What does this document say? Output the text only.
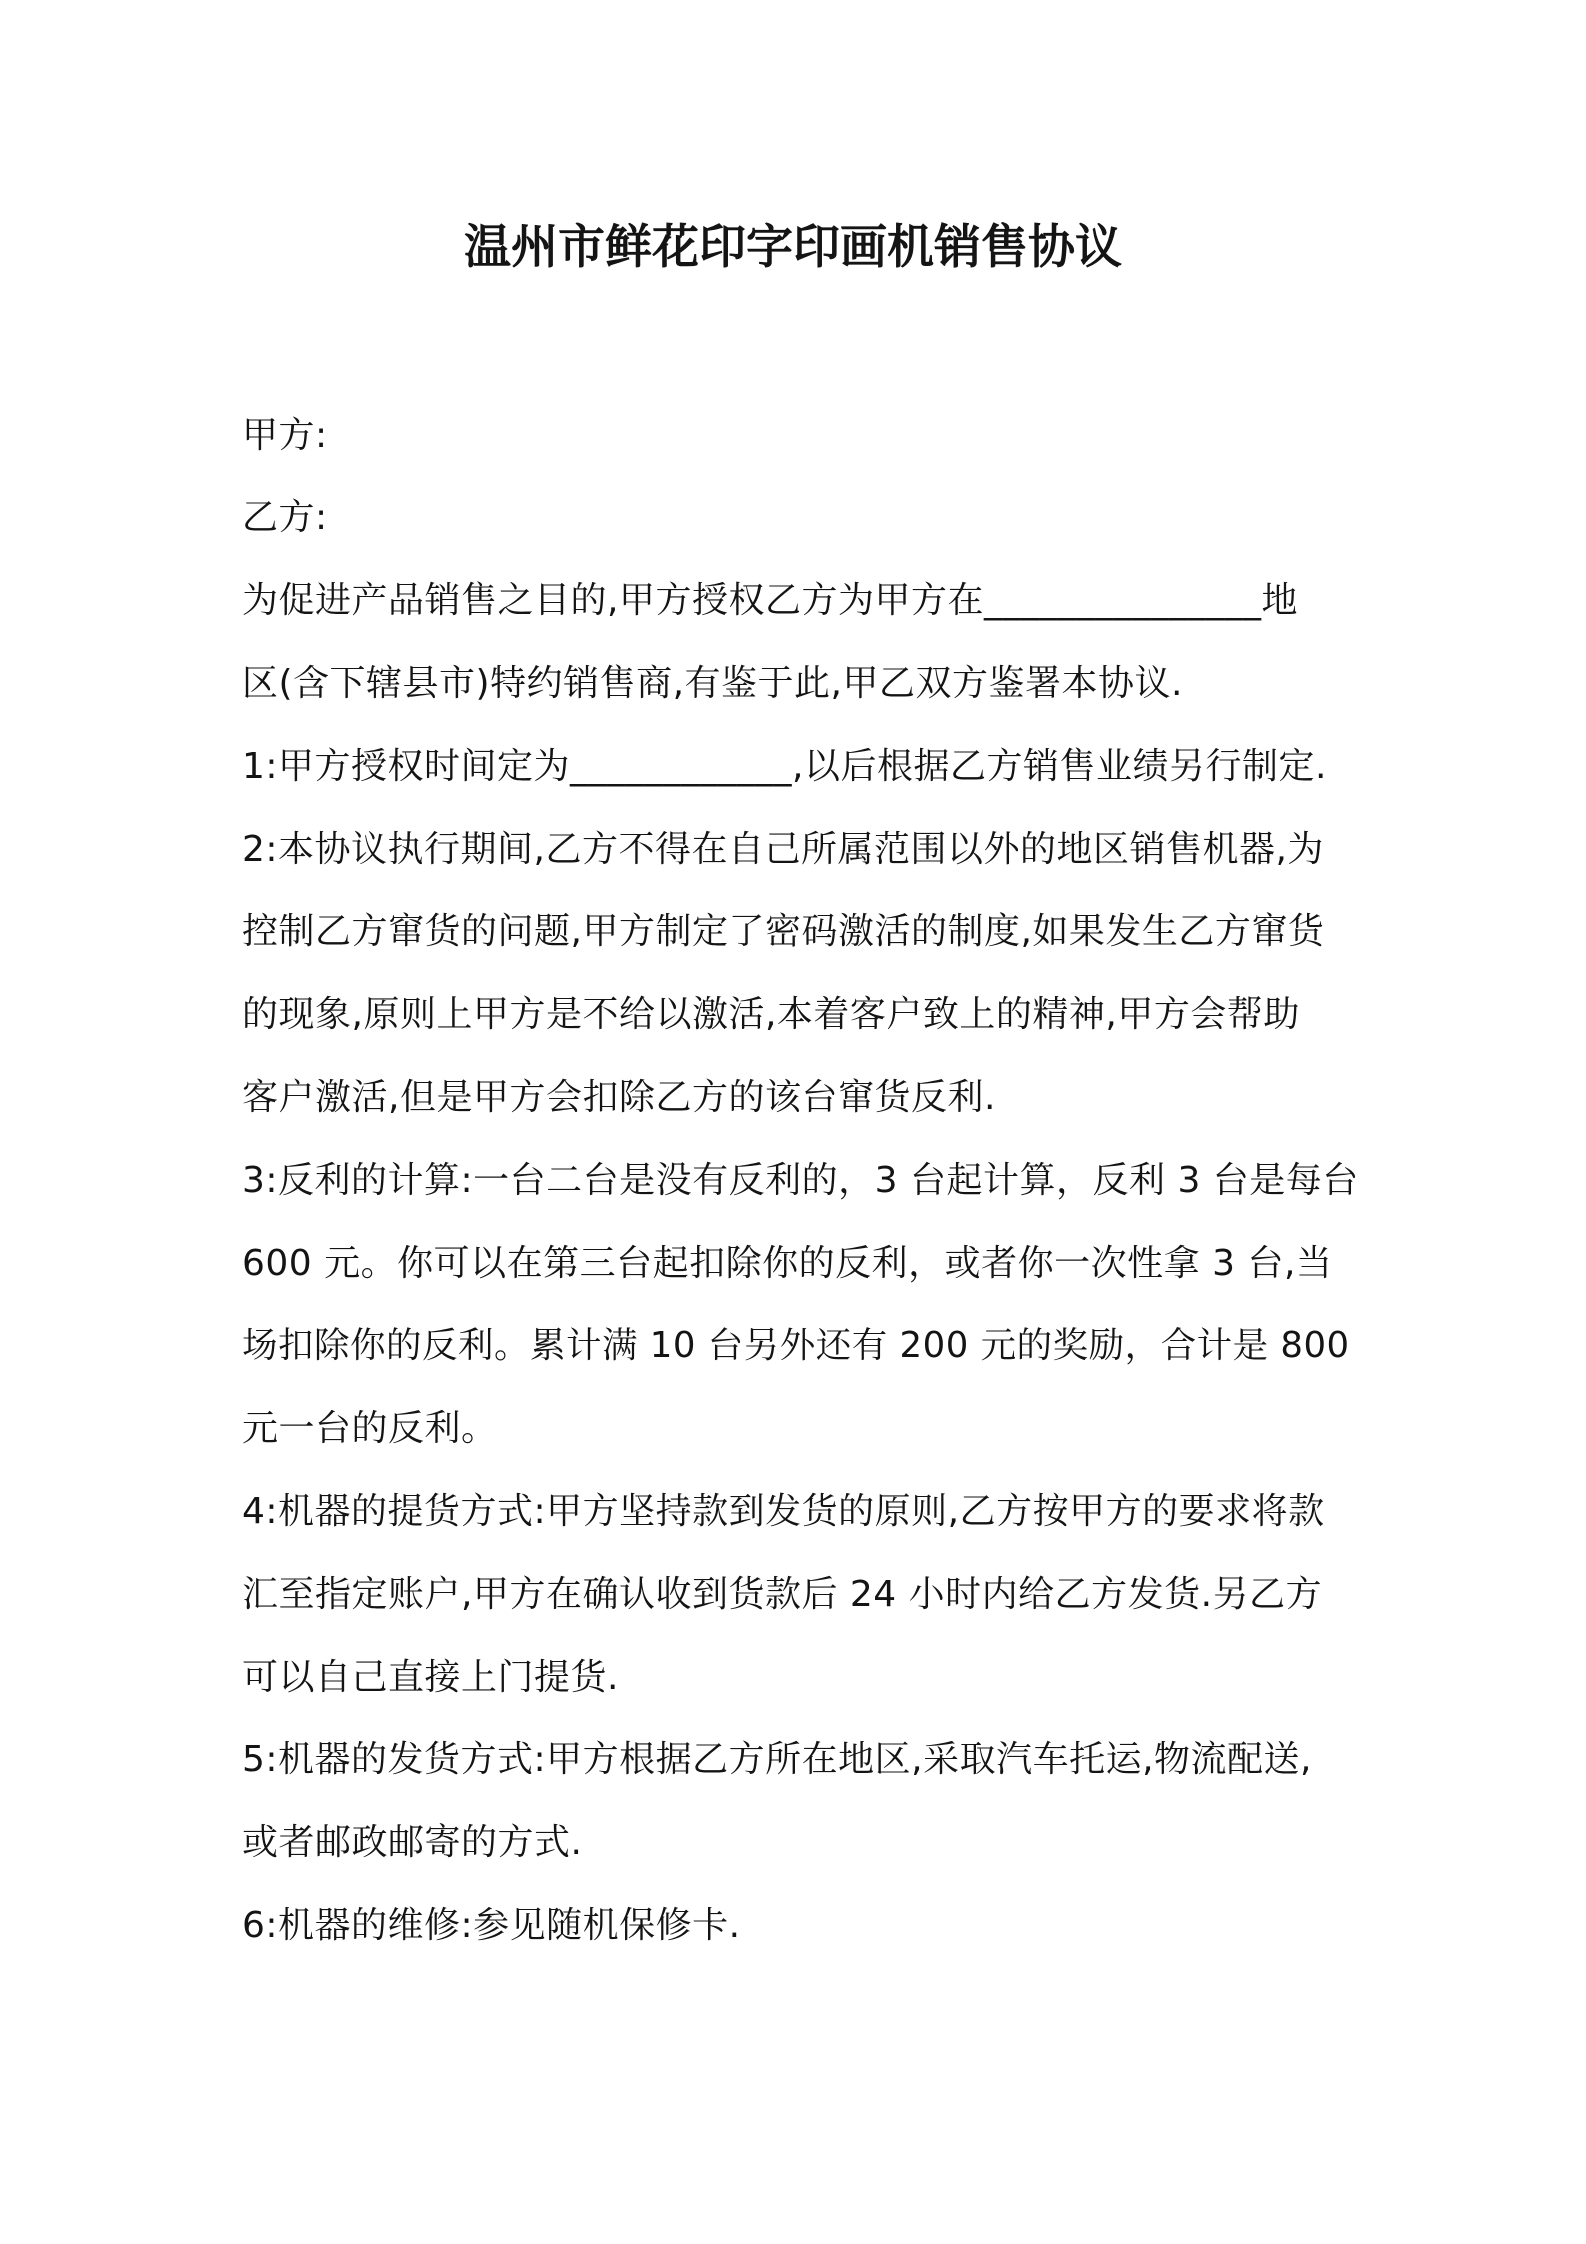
温州市鲜花印字印画机销售协议
甲方:
乙方:
为促进产品销售之目的,甲方授权乙方为甲方在_______________地
区(含下辖县市)特约销售商,有鉴于此,甲乙双方鉴署本协议.
1:甲方授权时间定为____________,以后根据乙方销售业绩另行制定.
2:本协议执行期间,乙方不得在自己所属范围以外的地区销售机器,为
控制乙方窜货的问题,甲方制定了密码激活的制度,如果发生乙方窜货
的现象,原则上甲方是不给以激活,本着客户致上的精神,甲方会帮助
客户激活,但是甲方会扣除乙方的该台窜货反利.
3:反利的计算:一台二台是没有反利的，3 台起计算，反利 3 台是每台
600 元。你可以在第三台起扣除你的反利，或者你一次性拿 3 台,当
场扣除你的反利。累计满 10 台另外还有 200 元的奖励，合计是 800
元一台的反利。
4:机器的提货方式:甲方坚持款到发货的原则,乙方按甲方的要求将款
汇至指定账户,甲方在确认收到货款后 24 小时内给乙方发货.另乙方
可以自己直接上门提货.
5:机器的发货方式:甲方根据乙方所在地区,采取汽车托运,物流配送,
或者邮政邮寄的方式.
6:机器的维修:参见随机保修卡.
